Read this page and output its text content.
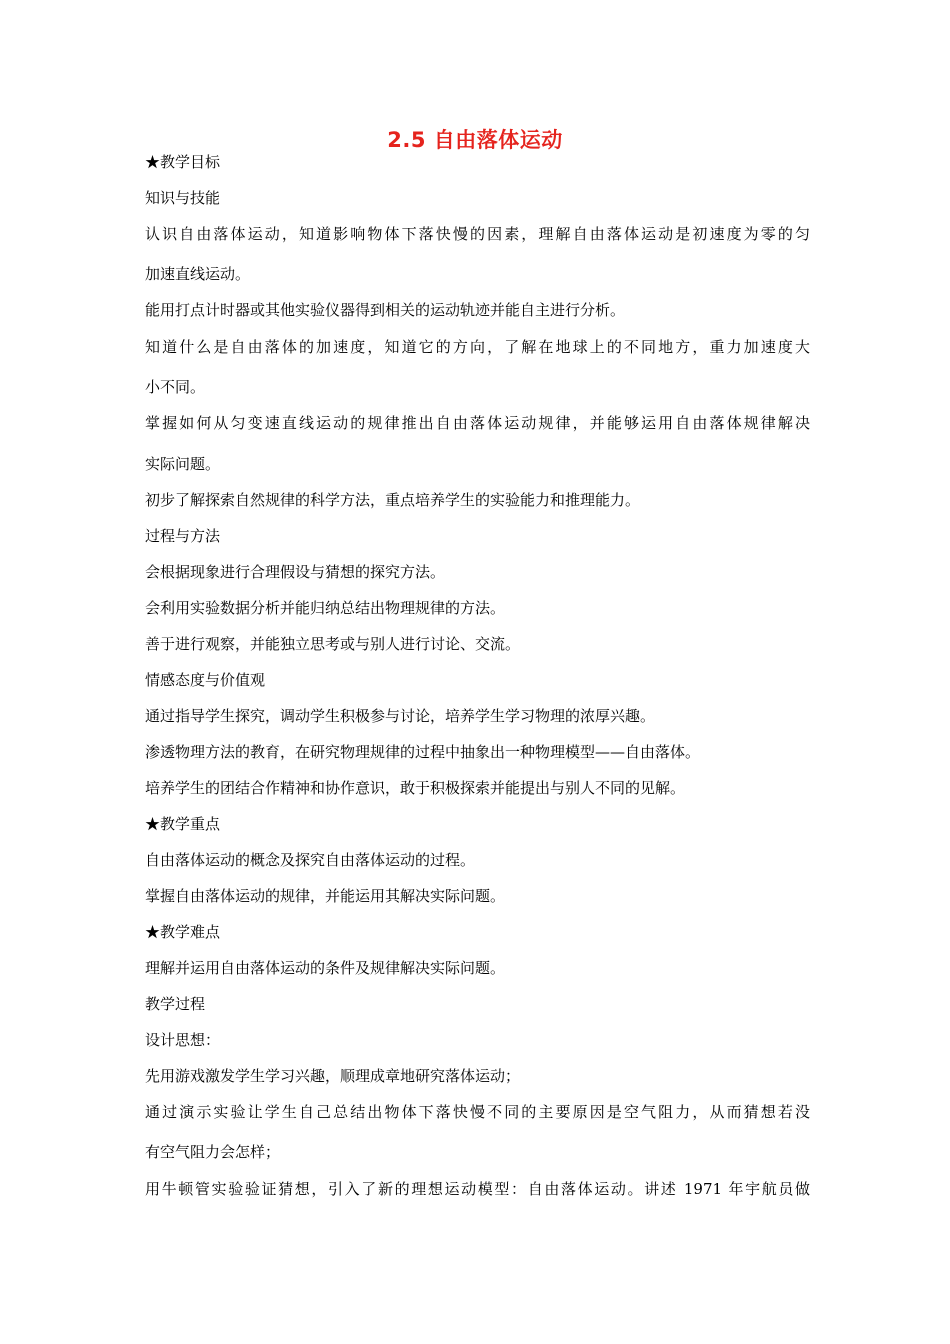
2.5 自由落体运动
★教学目标
知识与技能
认识自由落体运动，知道影响物体下落快慢的因素，理解自由落体运动是初速度为零的匀
加速直线运动。
能用打点计时器或其他实验仪器得到相关的运动轨迹并能自主进行分析。
知道什么是自由落体的加速度，知道它的方向，了解在地球上的不同地方，重力加速度大
小不同。
掌握如何从匀变速直线运动的规律推出自由落体运动规律，并能够运用自由落体规律解决
实际问题。
初步了解探索自然规律的科学方法，重点培养学生的实验能力和推理能力。
过程与方法
会根据现象进行合理假设与猜想的探究方法。
会利用实验数据分析并能归纳总结出物理规律的方法。
善于进行观察，并能独立思考或与别人进行讨论、交流。
情感态度与价值观
通过指导学生探究，调动学生积极参与讨论，培养学生学习物理的浓厚兴趣。
渗透物理方法的教育，在研究物理规律的过程中抽象出一种物理模型——自由落体。
培养学生的团结合作精神和协作意识，敢于积极探索并能提出与别人不同的见解。
★教学重点
自由落体运动的概念及探究自由落体运动的过程。
掌握自由落体运动的规律，并能运用其解决实际问题。
★教学难点
理解并运用自由落体运动的条件及规律解决实际问题。
教学过程
设计思想：
先用游戏激发学生学习兴趣，顺理成章地研究落体运动；
通过演示实验让学生自己总结出物体下落快慢不同的主要原因是空气阻力，从而猜想若没
有空气阻力会怎样；
用牛顿管实验验证猜想，引入了新的理想运动模型：自由落体运动。讲述 1971 年宇航员做
